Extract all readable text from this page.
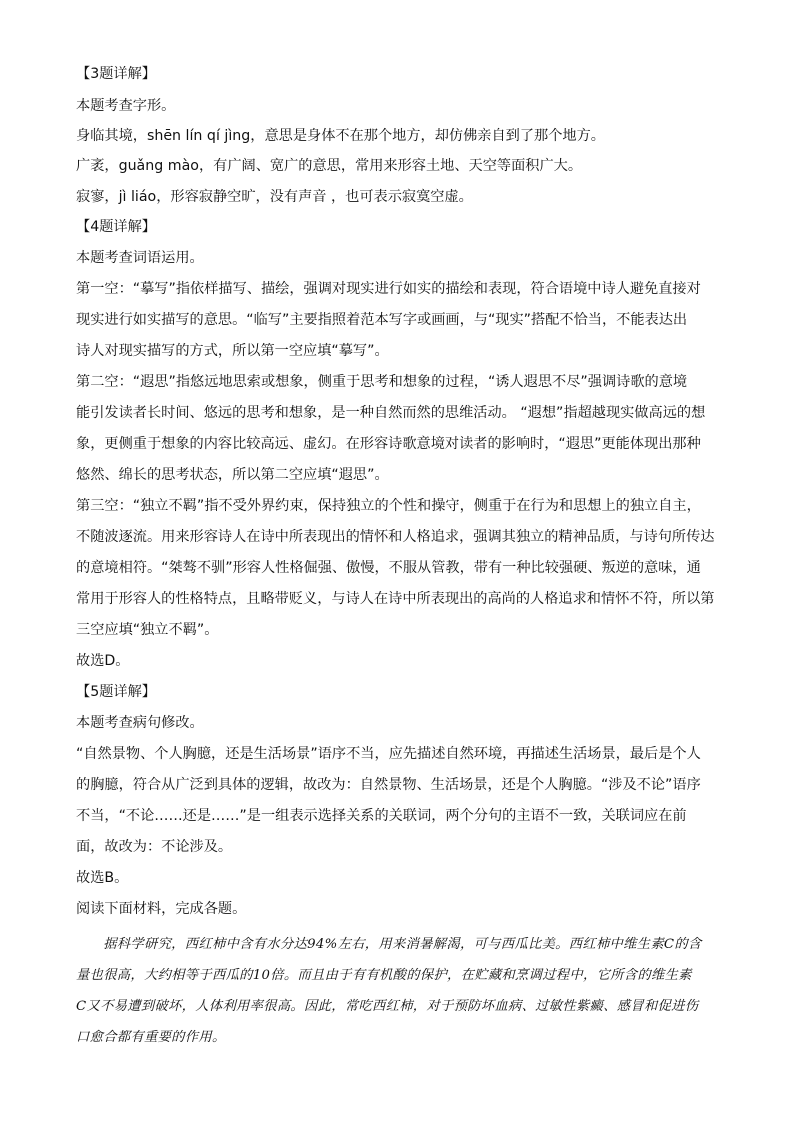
【3题详解】
本题考查字形。
身临其境，shēn lín qí jìng，意思是身体不在那个地方，却仿佛亲自到了那个地方。
广袤，guǎng mào，有广阔、宽广的意思，常用来形容土地、天空等面积广大。
寂寥，jì liáo，形容寂静空旷，没有声音 ，也可表示寂寞空虚。
【4题详解】
本题考查词语运用。
第一空：“摹写”指依样描写、描绘，强调对现实进行如实的描绘和表现，符合语境中诗人避免直接对
现实进行如实描写的意思。“临写”主要指照着范本写字或画画，与“现实”搭配不恰当，不能表达出
诗人对现实描写的方式，所以第一空应填“摹写”。
第二空：“遐思”指悠远地思索或想象，侧重于思考和想象的过程，“诱人遐思不尽”强调诗歌的意境
能引发读者长时间、悠远的思考和想象，是一种自然而然的思维活动。 “遐想”指超越现实做高远的想
象，更侧重于想象的内容比较高远、虚幻。在形容诗歌意境对读者的影响时，“遐思”更能体现出那种
悠然、绵长的思考状态，所以第二空应填“遐思”。
第三空：“独立不羁”指不受外界约束，保持独立的个性和操守，侧重于在行为和思想上的独立自主，
不随波逐流。用来形容诗人在诗中所表现出的情怀和人格追求，强调其独立的精神品质，与诗句所传达
的意境相符。“桀骜不驯”形容人性格倔强、傲慢，不服从管教，带有一种比较强硬、叛逆的意味，通
常用于形容人的性格特点，且略带贬义，与诗人在诗中所表现出的高尚的人格追求和情怀不符，所以第
三空应填“独立不羁”。
故选D。
【5题详解】
本题考查病句修改。
“自然景物、个人胸臆，还是生活场景”语序不当，应先描述自然环境，再描述生活场景，最后是个人
的胸臆，符合从广泛到具体的逻辑，故改为：自然景物、生活场景，还是个人胸臆。“涉及不论”语序
不当，“不论……还是……”是一组表示选择关系的关联词，两个分句的主语不一致，关联词应在前
面，故改为：不论涉及。
故选B。
阅读下面材料，完成各题。
　　据科学研究，西红柿中含有水分达94%左右，用来消暑解渴，可与西瓜比美。西红柿中维生素C的含
量也很高，大约相等于西瓜的10倍。而且由于有有机酸的保护，在贮藏和烹调过程中，它所含的维生素
C又不易遭到破坏，人体利用率很高。因此，常吃西红柿，对于预防坏血病、过敏性紫癜、感冒和促进伤
口愈合都有重要的作用。
